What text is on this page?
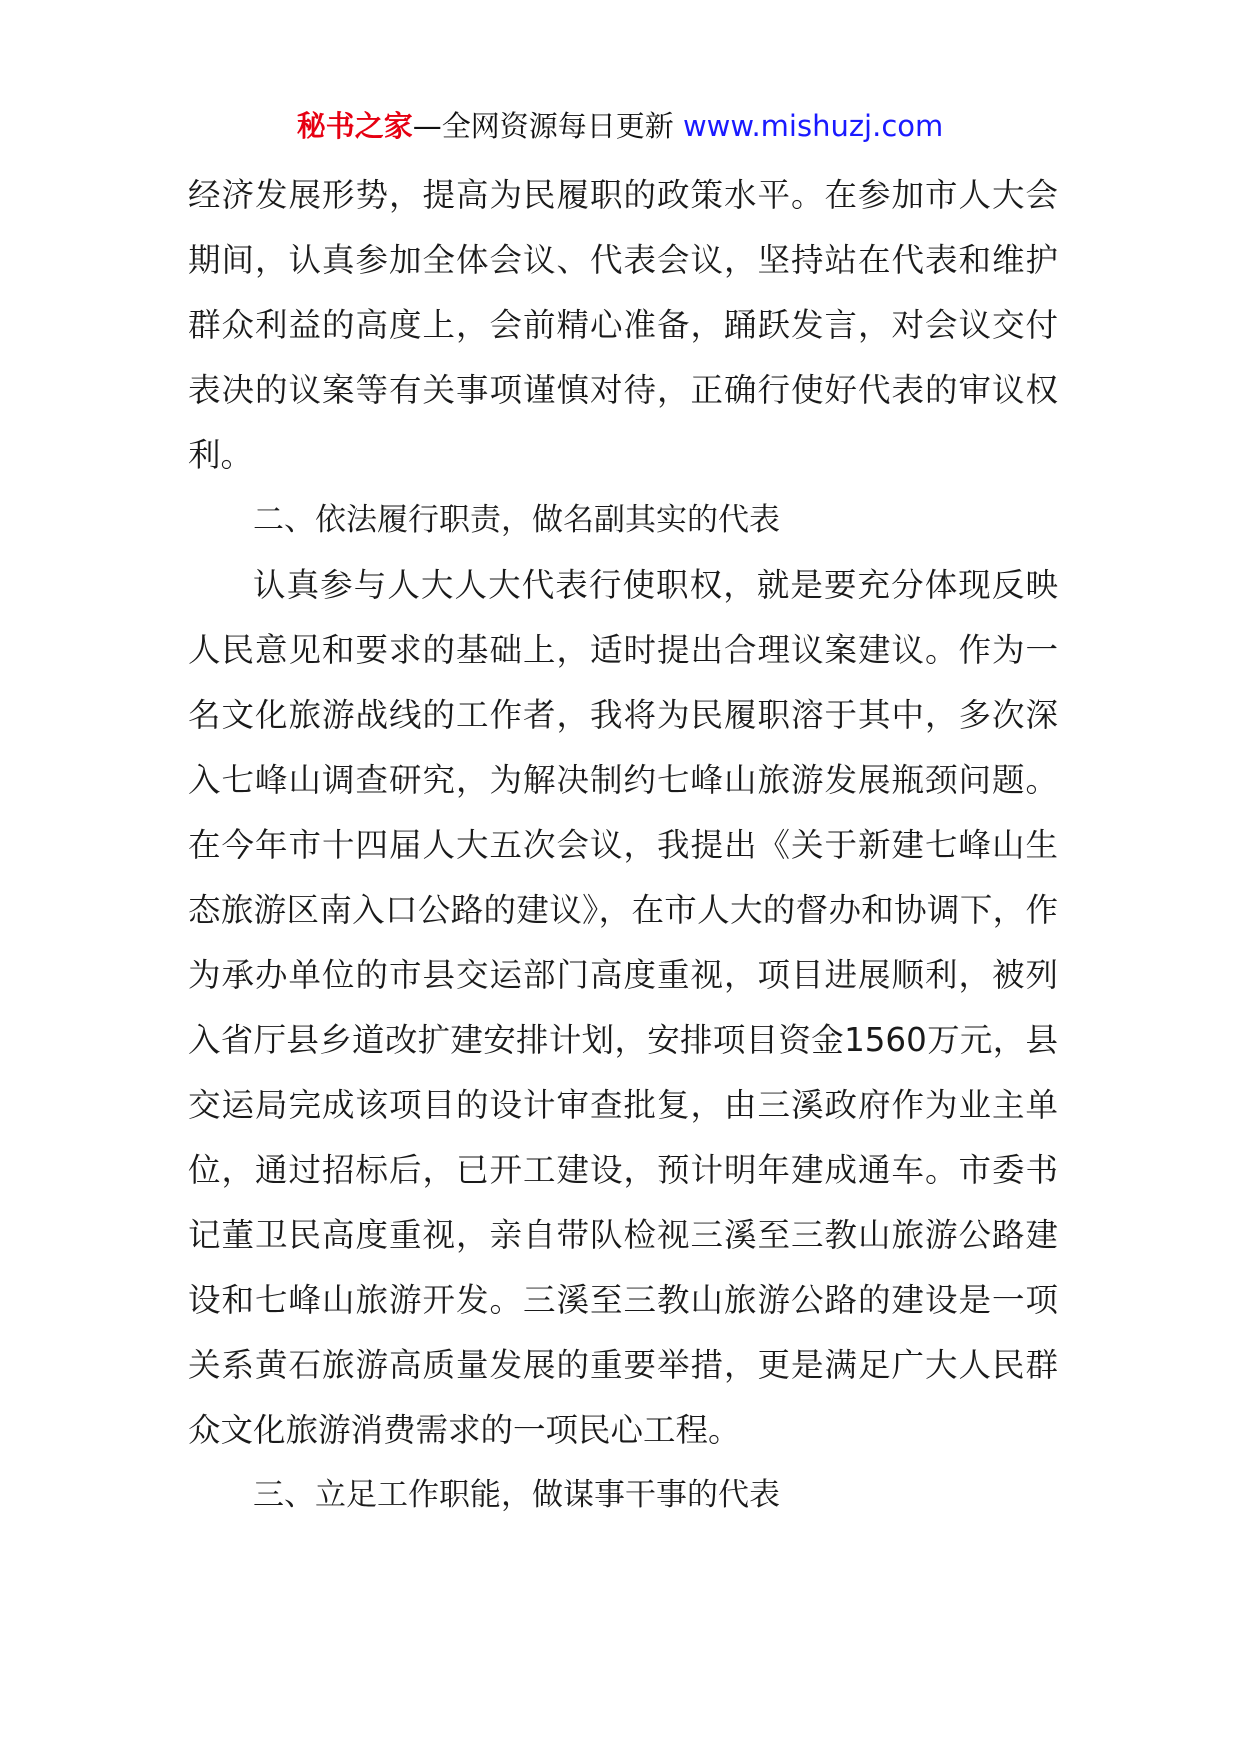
秘书之家—全网资源每日更新 www.mishuzj.com

经济发展形势，提高为民履职的政策水平。在参加市人大会期间，认真参加全体会议、代表会议，坚持站在代表和维护群众利益的高度上，会前精心准备，踊跃发言，对会议交付表决的议案等有关事项谨慎对待，正确行使好代表的审议权利。

二、依法履行职责，做名副其实的代表

认真参与人大人大代表行使职权，就是要充分体现反映人民意见和要求的基础上，适时提出合理议案建议。作为一名文化旅游战线的工作者，我将为民履职溶于其中，多次深入七峰山调查研究，为解决制约七峰山旅游发展瓶颈问题。在今年市十四届人大五次会议，我提出《关于新建七峰山生态旅游区南入口公路的建议》，在市人大的督办和协调下，作为承办单位的市县交运部门高度重视，项目进展顺利，被列入省厅县乡道改扩建安排计划，安排项目资金1560万元，县交运局完成该项目的设计审查批复，由三溪政府作为业主单位，通过招标后，已开工建设，预计明年建成通车。市委书记董卫民高度重视，亲自带队检视三溪至三教山旅游公路建设和七峰山旅游开发。三溪至三教山旅游公路的建设是一项关系黄石旅游高质量发展的重要举措，更是满足广大人民群众文化旅游消费需求的一项民心工程。

三、立足工作职能，做谋事干事的代表
